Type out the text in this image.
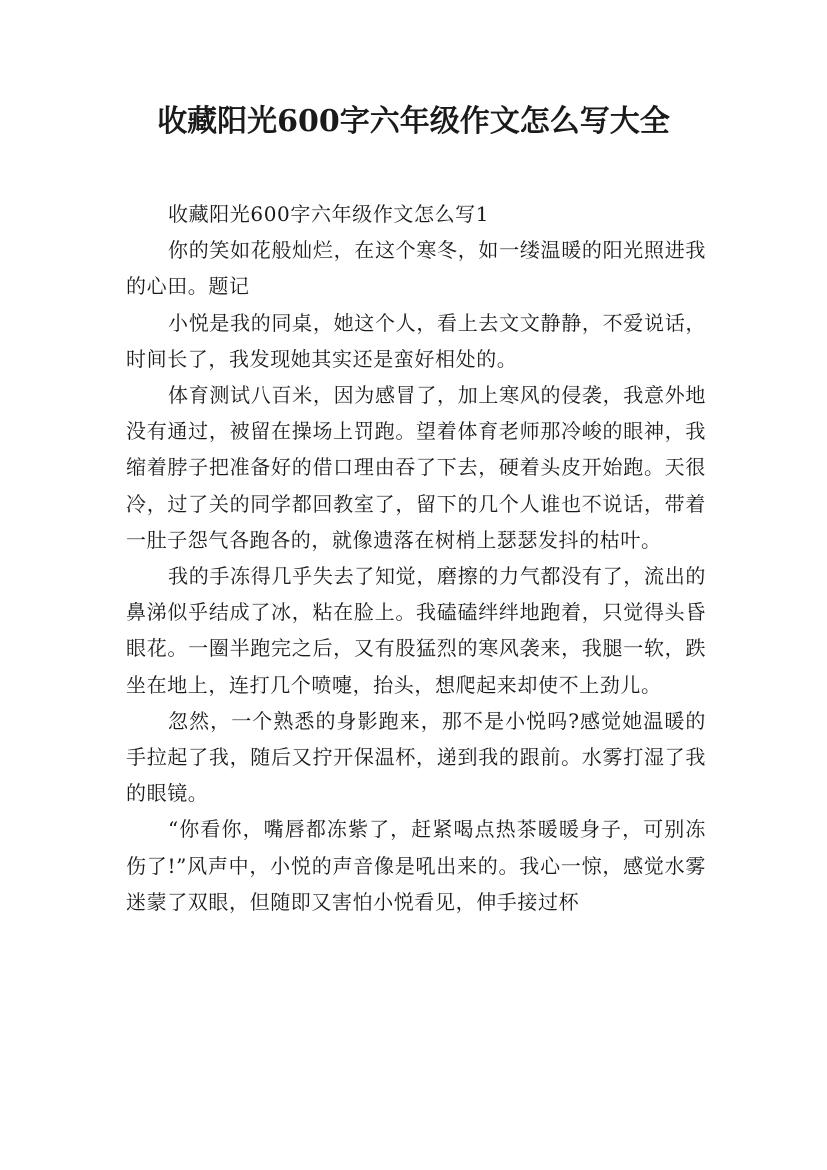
收藏阳光600字六年级作文怎么写大全

收藏阳光600字六年级作文怎么写1

你的笑如花般灿烂，在这个寒冬，如一缕温暖的阳光照进我的心田。题记

小悦是我的同桌，她这个人，看上去文文静静，不爱说话，时间长了，我发现她其实还是蛮好相处的。

体育测试八百米，因为感冒了，加上寒风的侵袭，我意外地没有通过，被留在操场上罚跑。望着体育老师那冷峻的眼神，我缩着脖子把准备好的借口理由吞了下去，硬着头皮开始跑。天很冷，过了关的同学都回教室了，留下的几个人谁也不说话，带着一肚子怨气各跑各的，就像遗落在树梢上瑟瑟发抖的枯叶。

我的手冻得几乎失去了知觉，磨擦的力气都没有了，流出的鼻涕似乎结成了冰，粘在脸上。我磕磕绊绊地跑着，只觉得头昏眼花。一圈半跑完之后，又有股猛烈的寒风袭来，我腿一软，跌坐在地上，连打几个喷嚏，抬头，想爬起来却使不上劲儿。

忽然，一个熟悉的身影跑来，那不是小悦吗?感觉她温暖的手拉起了我，随后又拧开保温杯，递到我的跟前。水雾打湿了我的眼镜。

“你看你，嘴唇都冻紫了，赶紧喝点热茶暖暖身子，可别冻伤了!”风声中，小悦的声音像是吼出来的。我心一惊，感觉水雾迷蒙了双眼，但随即又害怕小悦看见，伸手接过杯
